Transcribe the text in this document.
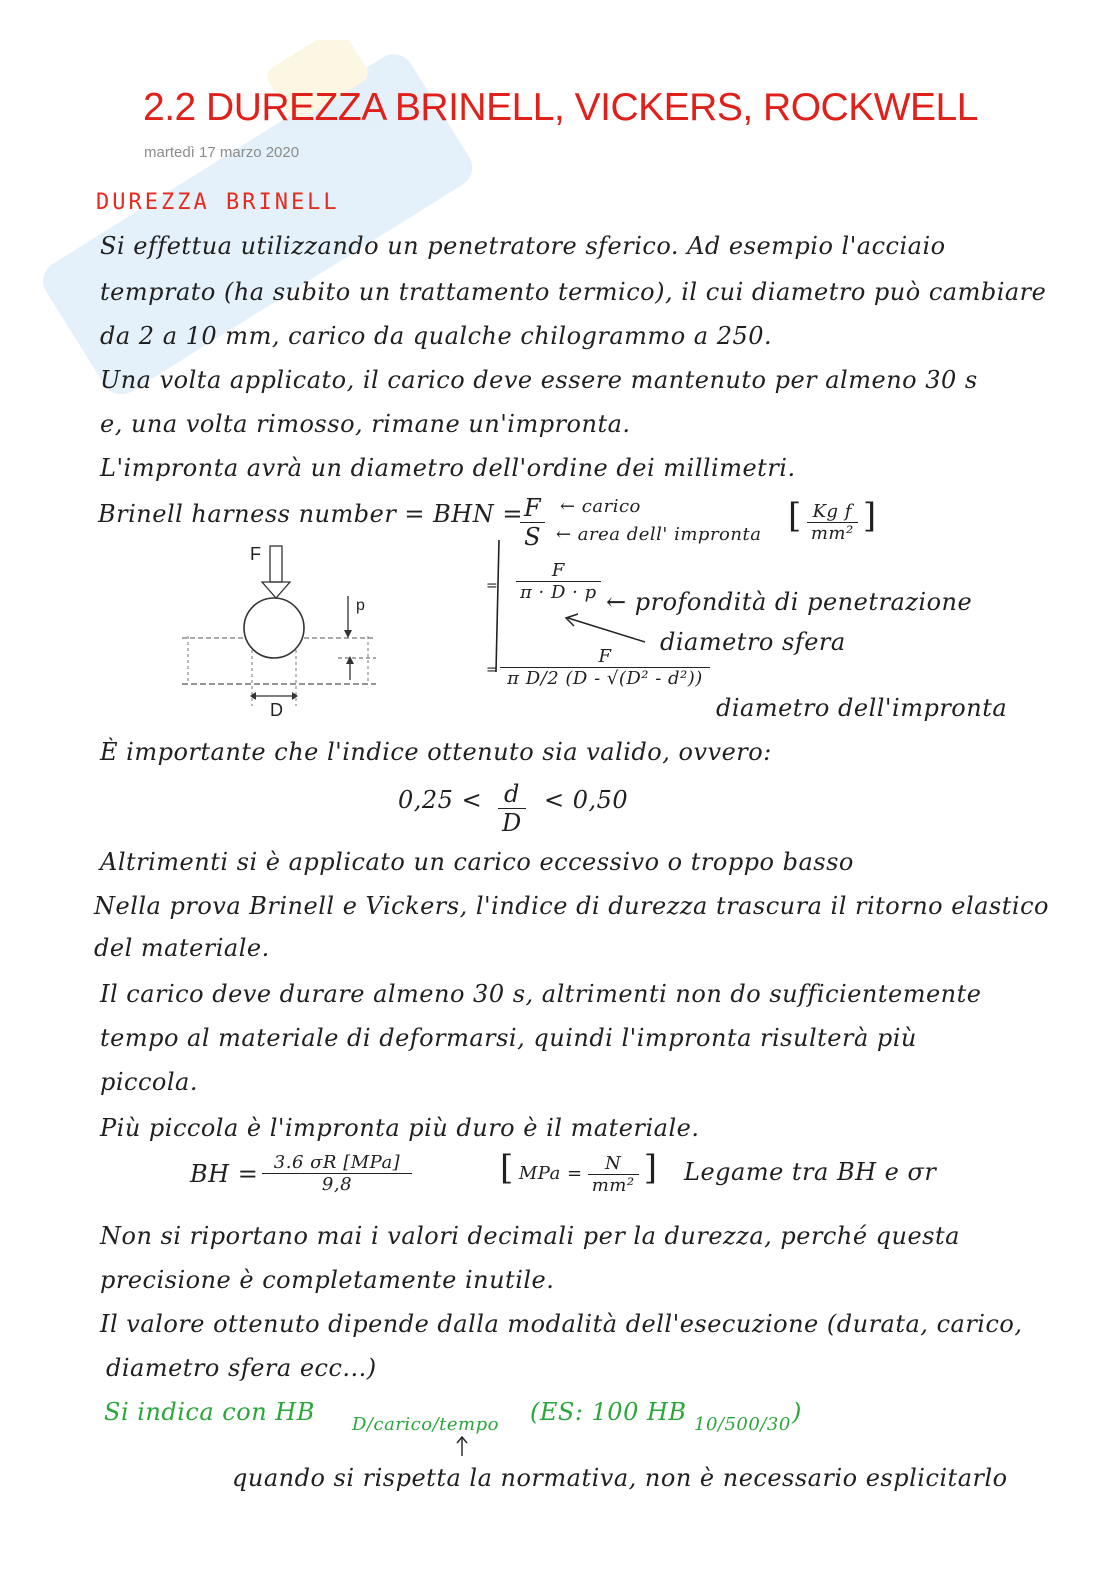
2.2 DUREZZA BRINELL, VICKERS, ROCKWELL
martedì 17 marzo 2020
DUREZZA BRINELL
Si effettua utilizzando un penetratore sferico. Ad esempio l'acciaio
temprato (ha subito un trattamento termico), il cui diametro può cambiare
da 2 a 10 mm, carico da qualche chilogrammo a 250.
Una volta applicato, il carico deve essere mantenuto per almeno 30 s
e, una volta rimosso, rimane un'impronta.
L'impronta avrà un diametro dell'ordine dei millimetri.
Brinell harness number = BHN =
$\frac{F}{S}$ ← carico
← area dell' impronta [ $\frac{\text{Kg f}}{\text{mm²}}$ ]
=
=
$\frac{F}{\pi \cdot D \cdot p}$ ← profondità di penetrazione
diametro sfera
$\frac{F}{\text{π D/2 (D - √(D² - d²))}}$
diametro dell'impronta
F
p
D
È importante che l'indice ottenuto sia valido, ovvero:
$0,25 < \frac{d}{D} < 0,50$
Altrimenti si è applicato un carico eccessivo o troppo basso
Nella prova Brinell e Vickers, l'indice di durezza trascura il ritorno elastico
del materiale.
Il carico deve durare almeno 30 s, altrimenti non do sufficientemente
tempo al materiale di deformarsi, quindi l'impronta risulterà più
piccola.
Più piccola è l'impronta più duro è il materiale.
BH = $\frac{\text{3.6 σR [MPa]}}{9,8}$	[ MPa = $\frac{N}{\text{mm²}}$ ] Legame tra BH e σr
Non si riportano mai i valori decimali per la durezza, perché questa
precisione è completamente inutile.
Il valore ottenuto dipende dalla modalità dell'esecuzione (durata, carico,
diametro sfera ecc...)
Si indica con HB D/carico/tempo (ES: 100 HB 10/500/30 )
quando si rispetta la normativa, non è necessario esplicitarlo
